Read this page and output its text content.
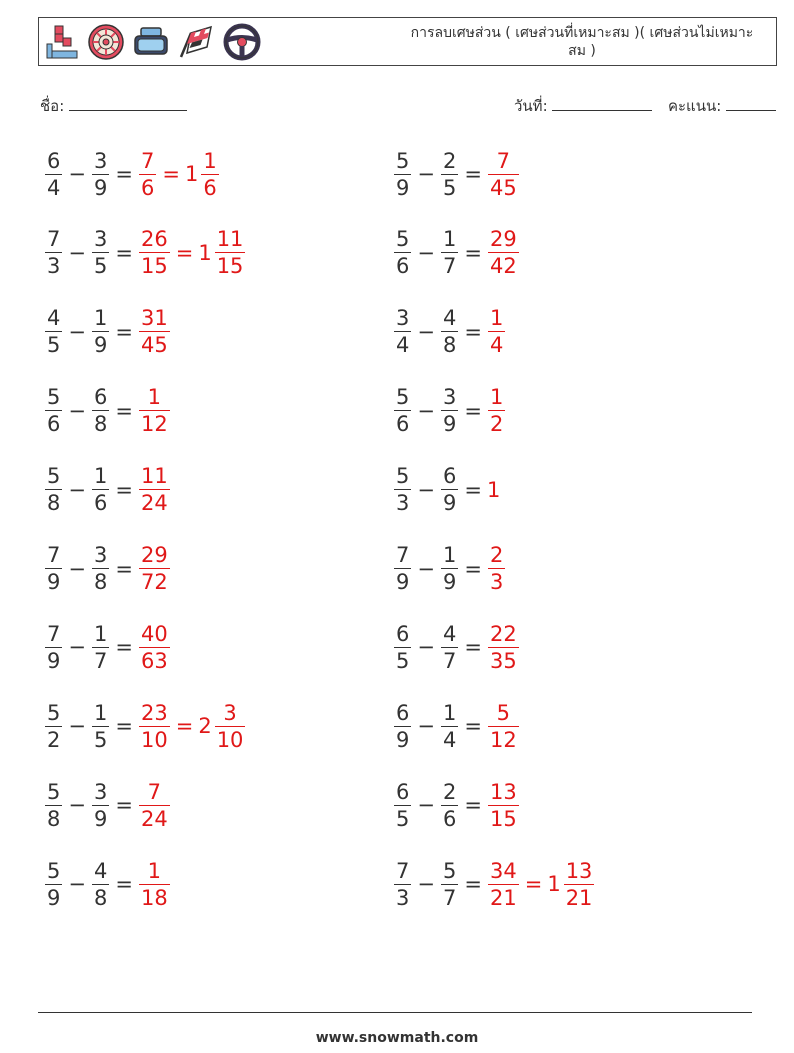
การลบเศษส่วน ( เศษส่วนที่เหมาะสม )( เศษส่วนไม่เหมาะสม )
ชื่อ:	วันที่:	คะแนน:
$\frac{6}{4} - \frac{3}{9} = \frac{7}{6} = 1 \frac{1}{6}$	$\frac{5}{9} - \frac{2}{5} = \frac{7}{45}$
$\frac{7}{3} - \frac{3}{5} = \frac{26}{15} = 1 \frac{11}{15}$	$\frac{5}{6} - \frac{1}{7} = \frac{29}{42}$
$\frac{4}{5} - \frac{1}{9} = \frac{31}{45}$	$\frac{3}{4} - \frac{4}{8} = \frac{1}{4}$
$\frac{5}{6} - \frac{6}{8} = \frac{1}{12}$	$\frac{5}{6} - \frac{3}{9} = \frac{1}{2}$
$\frac{5}{8} - \frac{1}{6} = \frac{11}{24}$	$\frac{5}{3} - \frac{6}{9} = 1$
$\frac{7}{9} - \frac{3}{8} = \frac{29}{72}$	$\frac{7}{9} - \frac{1}{9} = \frac{2}{3}$
$\frac{7}{9} - \frac{1}{7} = \frac{40}{63}$	$\frac{6}{5} - \frac{4}{7} = \frac{22}{35}$
$\frac{5}{2} - \frac{1}{5} = \frac{23}{10} = 2 \frac{3}{10}$	$\frac{6}{9} - \frac{1}{4} = \frac{5}{12}$
$\frac{5}{8} - \frac{3}{9} = \frac{7}{24}$	$\frac{6}{5} - \frac{2}{6} = \frac{13}{15}$
$\frac{5}{9} - \frac{4}{8} = \frac{1}{18}$	$\frac{7}{3} - \frac{5}{7} = \frac{34}{21} = 1 \frac{13}{21}$
www.snowmath.com
